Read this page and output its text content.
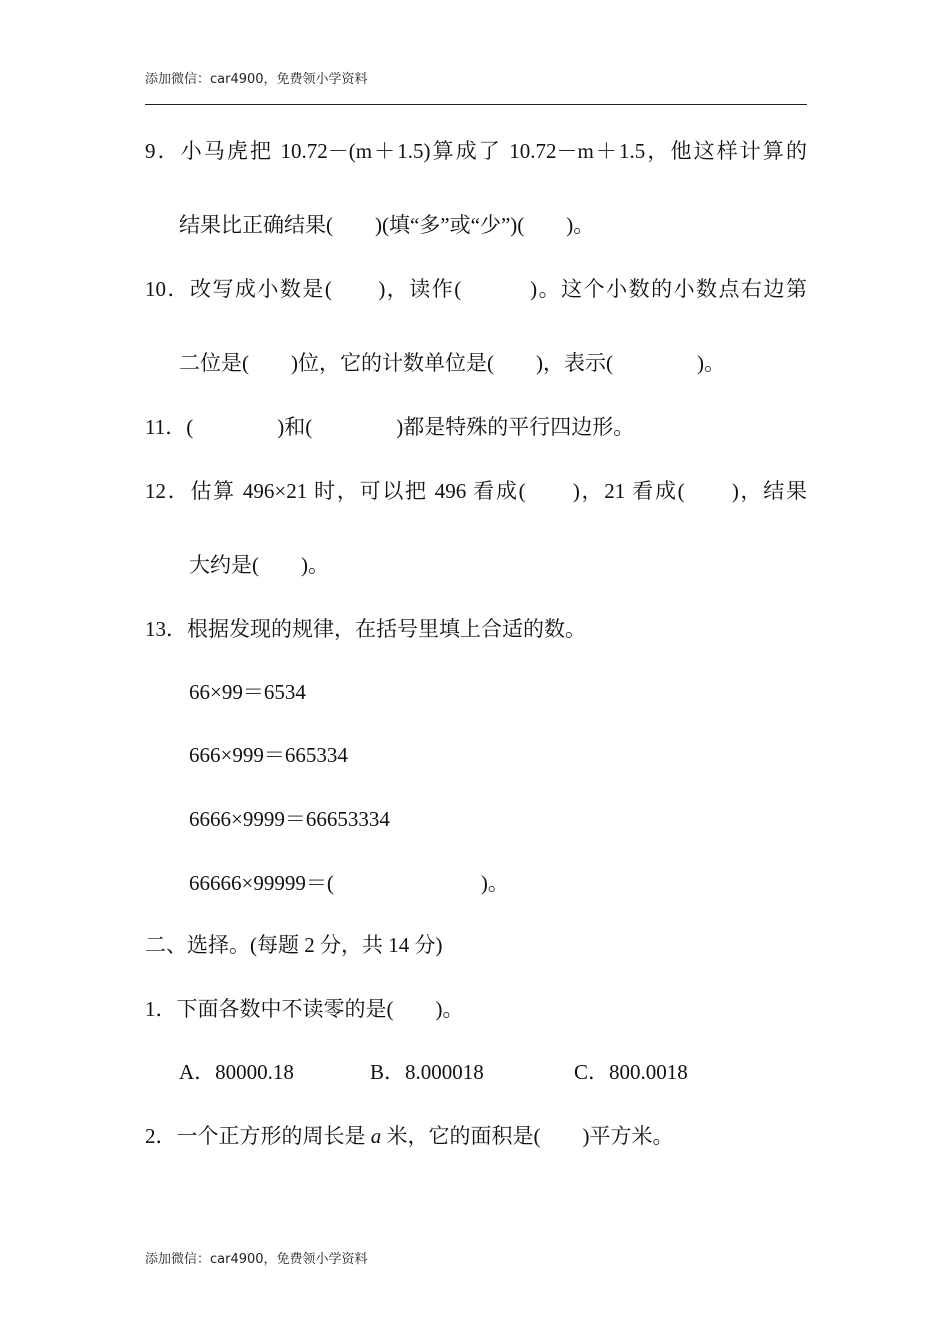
添加微信：car4900，免费领小学资料
9．小马虎把 10.72－(m＋1.5)算成了 10.72－m＋1.5，他这样计算的
结果比正确结果(　　)(填“多”或“少”)(　　)。
10．改写成小数是(　　)，读作(　　　)。这个小数的小数点右边第
二位是(　　)位，它的计数单位是(　　)，表示(　　　　)。
11．(　　　　)和(　　　　)都是特殊的平行四边形。
12．估算 496×21 时，可以把 496 看成(　　)，21 看成(　　)，结果
大约是(　　)。
13．根据发现的规律，在括号里填上合适的数。
66×99＝6534
666×999＝665334
6666×9999＝66653334
66666×99999＝(　　　　　　　)。
二、选择。(每题 2 分，共 14 分)
1．下面各数中不读零的是(　　)。
A．80000.18	B．8.000018	C．800.0018
2．一个正方形的周长是 a 米，它的面积是(　　)平方米。
添加微信：car4900，免费领小学资料
